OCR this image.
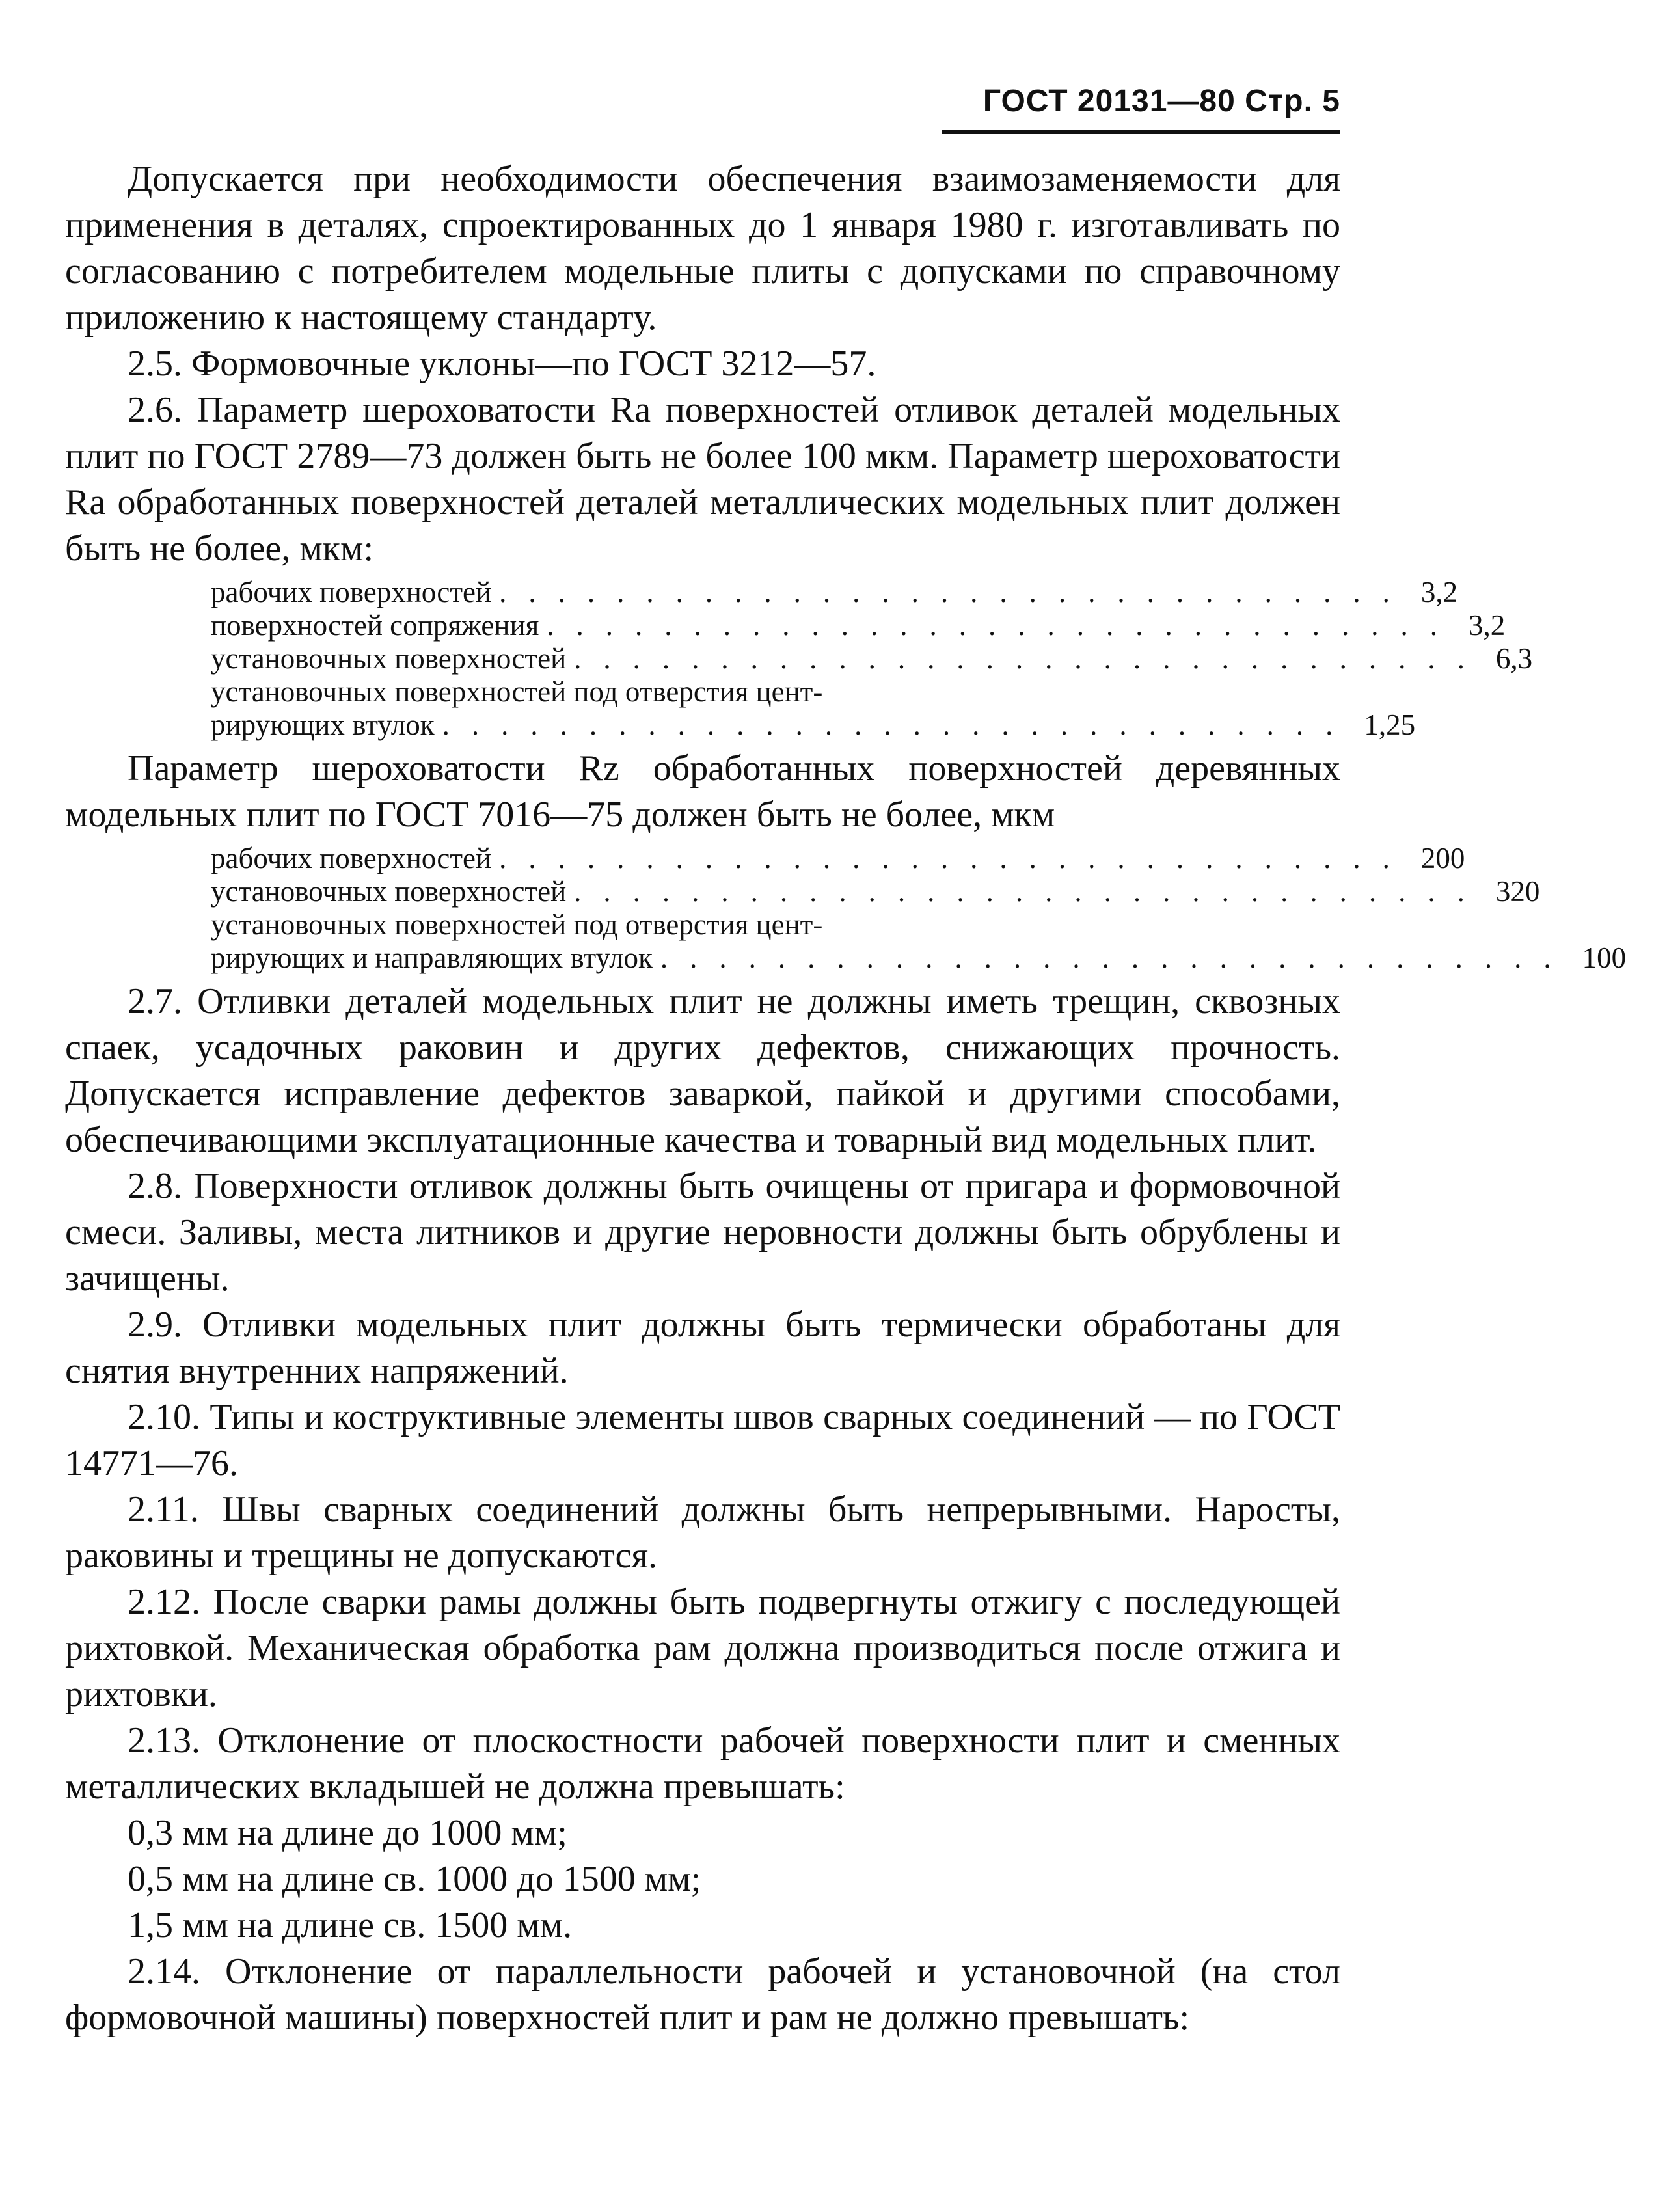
ГОСТ 20131—80 Стр. 5

Допускается при необходимости обеспечения взаимозаменяемости для применения в деталях, спроектированных до 1 января 1980 г. изготавливать по согласованию с потребителем модельные плиты с допусками по справочному приложению к настоящему стандарту.

2.5. Формовочные уклоны—по ГОСТ 3212—57.

2.6. Параметр шероховатости Ra поверхностей отливок деталей модельных плит по ГОСТ 2789—73 должен быть не более 100 мкм. Параметр шероховатости Ra обработанных поверхностей деталей металлических модельных плит должен быть не более, мкм:

рабочих поверхностей ............................... 3,2
поверхностей сопряжения ............................... 3,2
установочных поверхностей ............................... 6,3
установочных поверхностей под отверстия цент-
рирующих втулок ............................... 1,25

Параметр шероховатости Rz обработанных поверхностей деревянных модельных плит по ГОСТ 7016—75 должен быть не более, мкм

рабочих поверхностей ............................... 200
установочных поверхностей ............................... 320
установочных поверхностей под отверстия цент-
рирующих и направляющих втулок ............................... 100

2.7. Отливки деталей модельных плит не должны иметь трещин, сквозных спаек, усадочных раковин и других дефектов, снижающих прочность. Допускается исправление дефектов заваркой, пайкой и другими способами, обеспечивающими эксплуатационные качества и товарный вид модельных плит.

2.8. Поверхности отливок должны быть очищены от пригара и формовочной смеси. Заливы, места литников и другие неровности должны быть обрублены и зачищены.

2.9. Отливки модельных плит должны быть термически обработаны для снятия внутренних напряжений.

2.10. Типы и коструктивные элементы швов сварных соединений — по ГОСТ 14771—76.

2.11. Швы сварных соединений должны быть непрерывными. Наросты, раковины и трещины не допускаются.

2.12. После сварки рамы должны быть подвергнуты отжигу с последующей рихтовкой. Механическая обработка рам должна производиться после отжига и рихтовки.

2.13. Отклонение от плоскостности рабочей поверхности плит и сменных металлических вкладышей не должна превышать:

0,3 мм на длине до 1000 мм;

0,5 мм на длине св. 1000 до 1500 мм;

1,5 мм на длине св. 1500 мм.

2.14. Отклонение от параллельности рабочей и установочной (на стол формовочной машины) поверхностей плит и рам не должно превышать:
